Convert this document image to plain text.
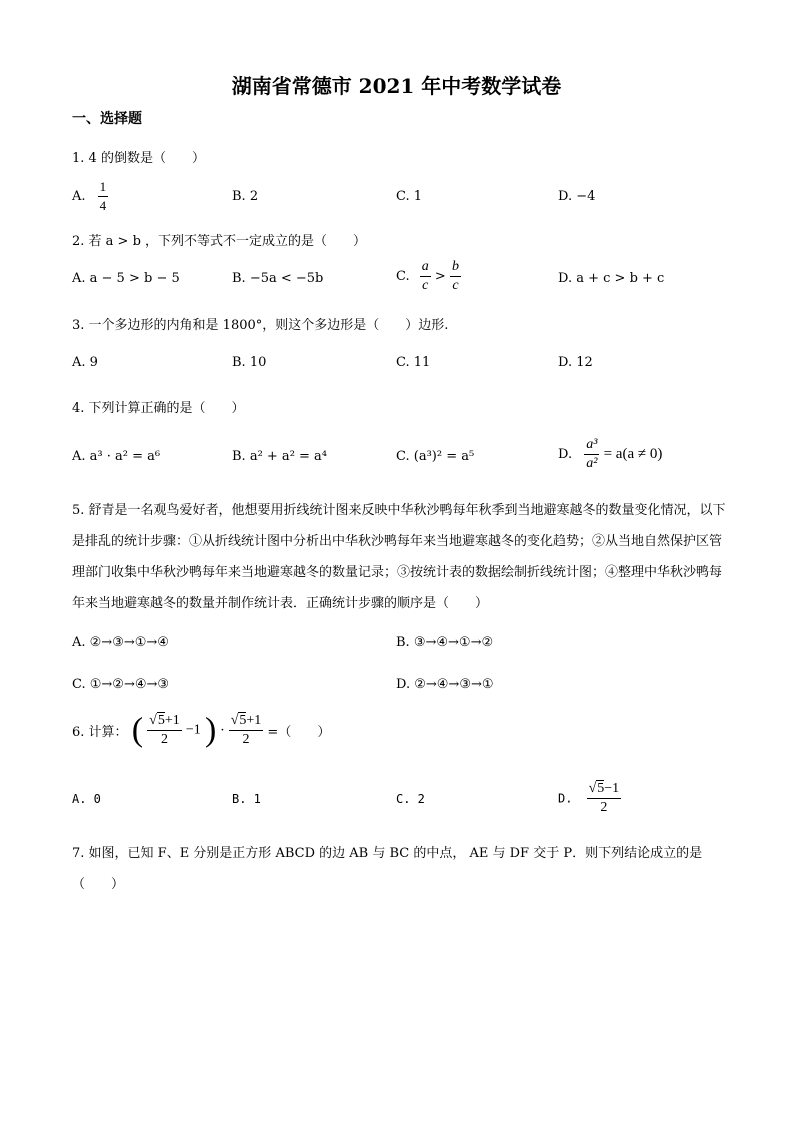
湖南省常德市 2021 年中考数学试卷
一、选择题
1. 4 的倒数是（　　）
A. $\frac{1}{4}$	B. 2	C. 1	D. −4
2. 若 a > b ，下列不等式不一定成立的是（　　）
A. a − 5 > b − 5	B. −5a < −5b	C. $\frac{a}{c} > \frac{b}{c}$	D. a + c > b + c
3. 一个多边形的内角和是 1800°，则这个多边形是（　　）边形.
A. 9	B. 10	C. 11	D. 12
4. 下列计算正确的是（　　）
A. a³ · a² = a⁶	B. a² + a² = a⁴	C. (a³)² = a⁵	D. $\frac{\text{a³}}{\text{a²}} = a(a \ne 0)$
5. 舒青是一名观鸟爱好者，他想要用折线统计图来反映中华秋沙鸭每年秋季到当地避寒越冬的数量变化情况，以下是排乱的统计步骤：①从折线统计图中分析出中华秋沙鸭每年来当地避寒越冬的变化趋势；②从当地自然保护区管理部门收集中华秋沙鸭每年来当地避寒越冬的数量记录；③按统计表的数据绘制折线统计图；④整理中华秋沙鸭每年来当地避寒越冬的数量并制作统计表．正确统计步骤的顺序是（　　）
A. ②→③→①→④	B. ③→④→①→②
C. ①→②→④→③	D. ②→④→③→①
6. 计算： ( $\frac{√5+1}{2} -1$ ) · $\frac{√5+1}{2}$ =（　　）
A. 0	B. 1	C. 2	D. $\frac{√5-1}{2}$
7. 如图，已知 F、E 分别是正方形 ABCD 的边 AB 与 BC 的中点， AE 与 DF 交于 P．则下列结论成立的是（　　）
